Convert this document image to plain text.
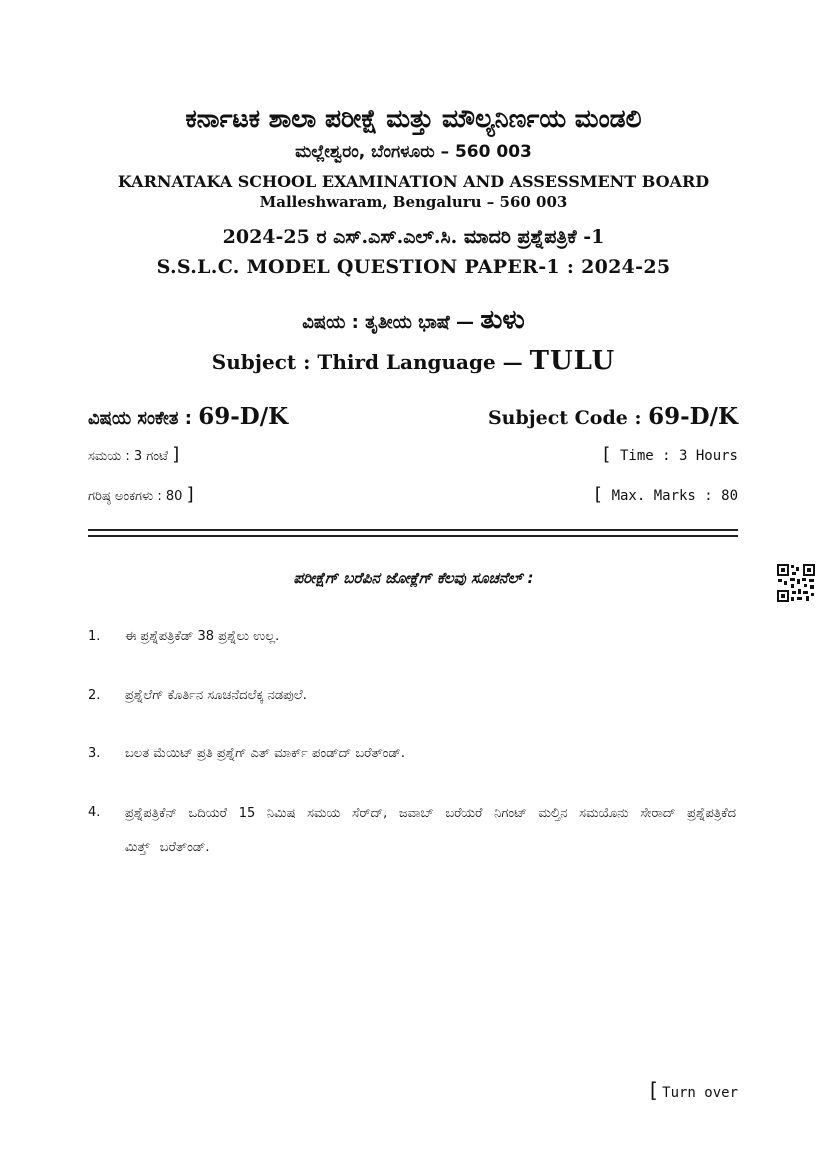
ಕರ್ನಾಟಕ ಶಾಲಾ ಪರೀಕ್ಷೆ ಮತ್ತು ಮೌಲ್ಯನಿರ್ಣಯ ಮಂಡಲಿ
ಮಲ್ಲೇಶ್ವರಂ, ಬೆಂಗಳೂರು – 560 003
KARNATAKA SCHOOL EXAMINATION AND ASSESSMENT BOARD
Malleshwaram, Bengaluru – 560 003
2024-25 ರ ಎಸ್.ಎಸ್.ಎಲ್.ಸಿ. ಮಾದರಿ ಪ್ರಶ್ನೆಪತ್ರಿಕೆ -1
S.S.L.C. MODEL QUESTION PAPER-1 : 2024-25
ವಿಷಯ : ತೃತೀಯ ಭಾಷೆ — ತುಳು
Subject : Third Language — TULU
ವಿಷಯ ಸಂಕೇತ : 69-D/K	Subject Code : 69-D/K
ಸಮಯ : 3 ಗಂಟೆ ]	[ Time : 3 Hours
ಗರಿಷ್ಠ ಅಂಕಗಳು : 80 ]	[ Max. Marks : 80
ಪರೀಕ್ಷೆಗ್ ಬರೆಪಿನ ಜೋಕ್ಲೆಗ್ ಕೆಲವು ಸೂಚನೆಲ್ :
1.	ಈ ಪ್ರಶ್ನೆಪತ್ರಿಕೆಡ್ 38 ಪ್ರಶ್ನೆಲು ಉಲ್ಲ.
2.	ಪ್ರಶ್ನೆಲೆಗ್ ಕೊರ್ತಿನ ಸೂಚನೆದಲೆಕ್ಕ ನಡಪುಲೆ.
3.	ಬಲತ ಮೆಯಿಟ್ ಪ್ರತಿ ಪ್ರಶ್ನೆಗ್ ಎತ್ ಮಾರ್ಕ್ ಪಂಡ್‌ದ್ ಬರೆತ್ಂಡ್.
4.	ಪ್ರಶ್ನೆಪತ್ರಿಕೆನ್ ಒದಿಯರೆ 15 ನಿಮಿಷ ಸಮಯ ಸೆರ್‌ದ್, ಜವಾಬ್ ಬರೆಯರೆ ನಿಗಂಟ್ ಮಲ್ತಿನ ಸಮಯೊನು ಸೇರಾದ್ ಪ್ರಶ್ನೆಪತ್ರಿಕೆದ ಮಿತ್ತ್ ಬರೆತ್ಂಡ್.
[ Turn over
